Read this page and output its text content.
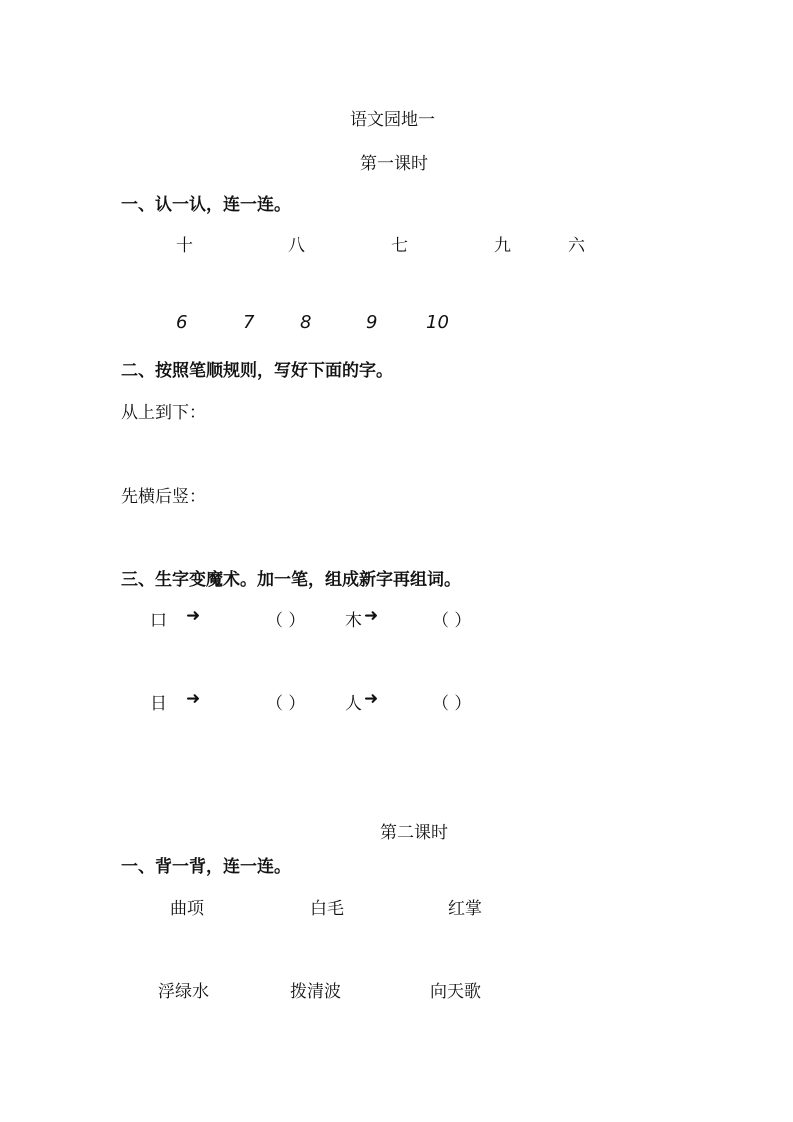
语文园地一
第一课时
一、认一认，连一连。
十	八	七	九	六
6	7	8	9	10
二、按照笔顺规则，写好下面的字。
从上到下：
先横后竖：
三、生字变魔术。加一笔，组成新字再组词。
口 ➜	（ ） 木 ➜	（ ）
日 ➜	（ ） 人 ➜	（ ）
第二课时
一、背一背，连一连。
曲项	白毛	红掌
浮绿水	拨清波	向天歌
